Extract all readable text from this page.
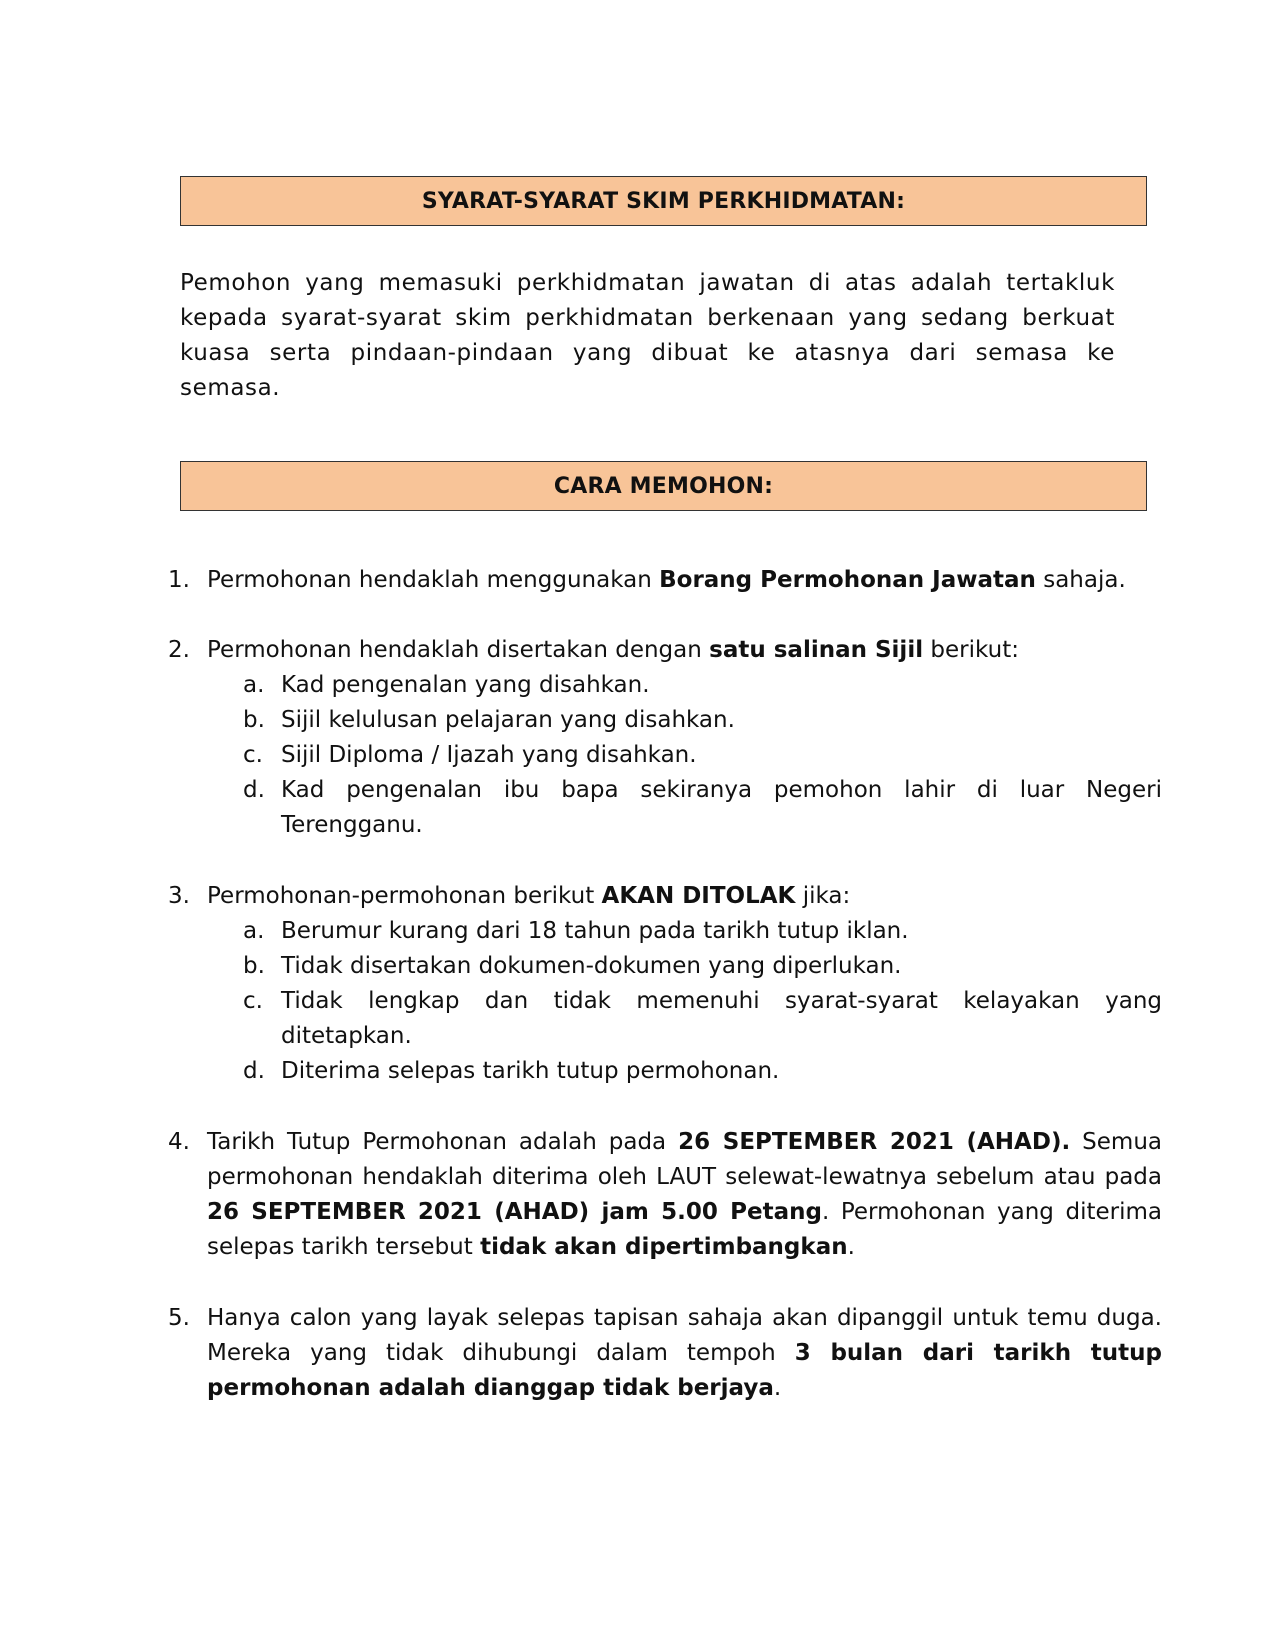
SYARAT-SYARAT SKIM PERKHIDMATAN:
Pemohon yang memasuki perkhidmatan jawatan di atas adalah tertakluk kepada syarat-syarat skim perkhidmatan berkenaan yang sedang berkuat kuasa serta pindaan-pindaan yang dibuat ke atasnya dari semasa ke semasa.
CARA MEMOHON:
1. Permohonan hendaklah menggunakan Borang Permohonan Jawatan sahaja.
2. Permohonan hendaklah disertakan dengan satu salinan Sijil berikut:
a. Kad pengenalan yang disahkan.
b. Sijil kelulusan pelajaran yang disahkan.
c. Sijil Diploma / Ijazah yang disahkan.
d. Kad pengenalan ibu bapa sekiranya pemohon lahir di luar Negeri Terengganu.
3. Permohonan-permohonan berikut AKAN DITOLAK jika:
a. Berumur kurang dari 18 tahun pada tarikh tutup iklan.
b. Tidak disertakan dokumen-dokumen yang diperlukan.
c. Tidak lengkap dan tidak memenuhi syarat-syarat kelayakan yang ditetapkan.
d. Diterima selepas tarikh tutup permohonan.
4. Tarikh Tutup Permohonan adalah pada 26 SEPTEMBER 2021 (AHAD). Semua permohonan hendaklah diterima oleh LAUT selewat-lewatnya sebelum atau pada 26 SEPTEMBER 2021 (AHAD) jam 5.00 Petang. Permohonan yang diterima selepas tarikh tersebut tidak akan dipertimbangkan.
5. Hanya calon yang layak selepas tapisan sahaja akan dipanggil untuk temu duga. Mereka yang tidak dihubungi dalam tempoh 3 bulan dari tarikh tutup permohonan adalah dianggap tidak berjaya.
